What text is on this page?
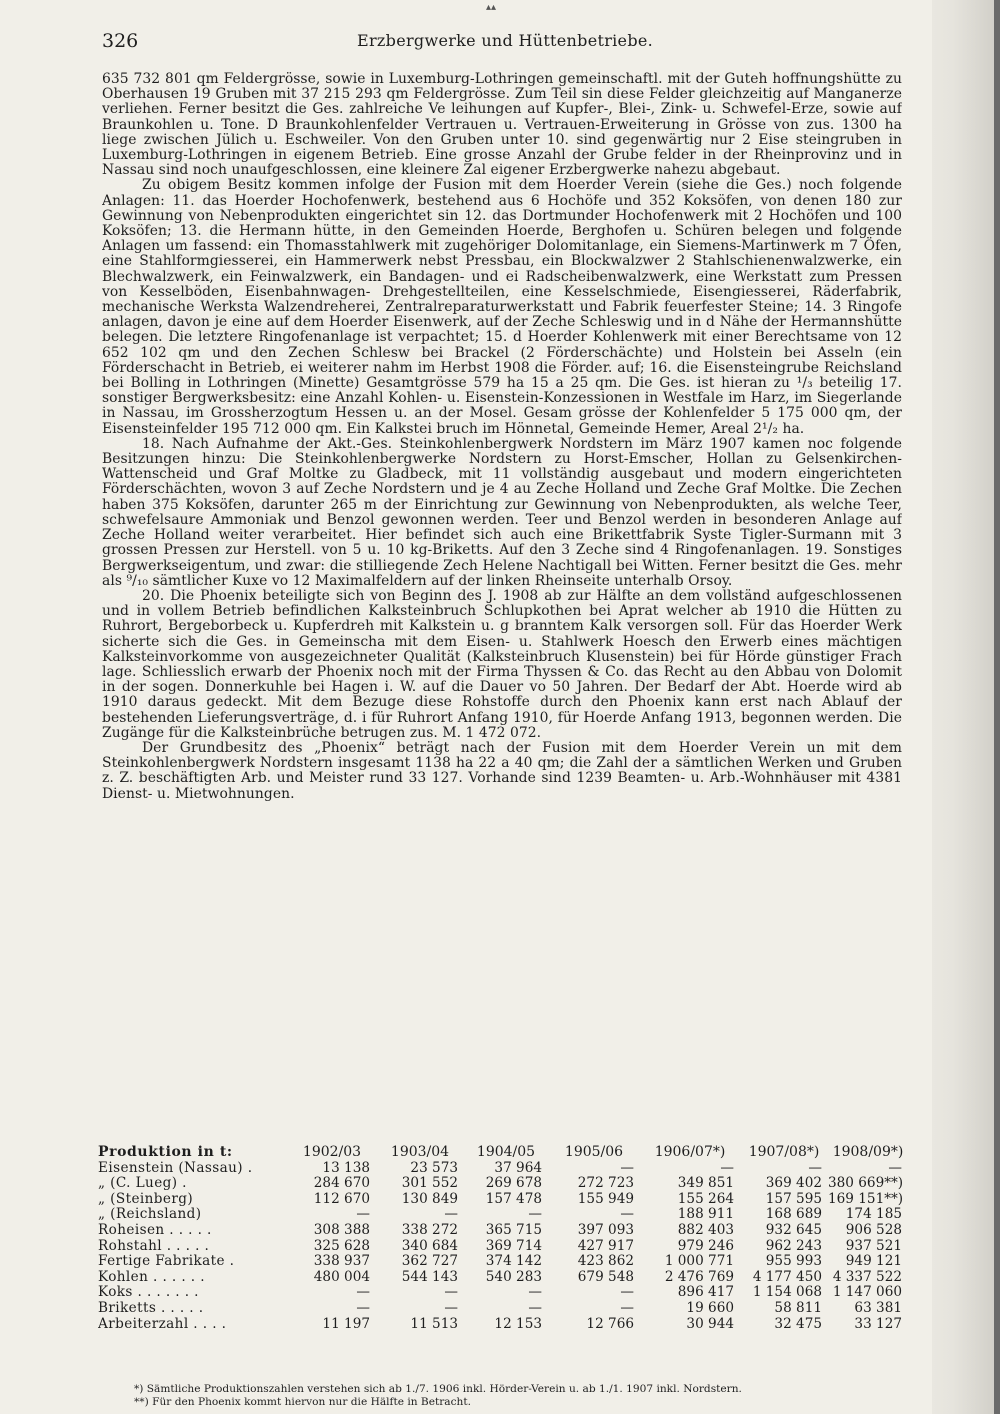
▴▴
326	Erzbergwerke und Hüttenbetriebe.

635 732 801 qm Feldergrösse, sowie in Luxemburg-Lothringen gemeinschaftl. mit der Guteh hoffnungshütte zu Oberhausen 19 Gruben mit 37 215 293 qm Feldergrösse. Zum Teil sin diese Felder gleichzeitig auf Manganerze verliehen. Ferner besitzt die Ges. zahlreiche Ve leihungen auf Kupfer-, Blei-, Zink- u. Schwefel-Erze, sowie auf Braunkohlen u. Tone. D Braunkohlenfelder Vertrauen u. Vertrauen-Erweiterung in Grösse von zus. 1300 ha liege zwischen Jülich u. Eschweiler. Von den Gruben unter 10. sind gegenwärtig nur 2 Eise steingruben in Luxemburg-Lothringen in eigenem Betrieb. Eine grosse Anzahl der Grube felder in der Rheinprovinz und in Nassau sind noch unaufgeschlossen, eine kleinere Zal eigener Erzbergwerke nahezu abgebaut.

Zu obigem Besitz kommen infolge der Fusion mit dem Hoerder Verein (siehe die Ges.) noch folgende Anlagen: 11. das Hoerder Hochofenwerk, bestehend aus 6 Hochöfe und 352 Koksöfen, von denen 180 zur Gewinnung von Nebenprodukten eingerichtet sin 12. das Dortmunder Hochofenwerk mit 2 Hochöfen und 100 Koksöfen; 13. die Hermann hütte, in den Gemeinden Hoerde, Berghofen u. Schüren belegen und folgende Anlagen um fassend: ein Thomasstahlwerk mit zugehöriger Dolomitanlage, ein Siemens-Martinwerk m 7 Öfen, eine Stahlformgiesserei, ein Hammerwerk nebst Pressbau, ein Blockwalzwer 2 Stahlschienenwalzwerke, ein Blechwalzwerk, ein Feinwalzwerk, ein Bandagen- und ei Radscheibenwalzwerk, eine Werkstatt zum Pressen von Kesselböden, Eisenbahnwagen- Drehgestellteilen, eine Kesselschmiede, Eisengiesserei, Räderfabrik, mechanische Werksta Walzendreherei, Zentralreparaturwerkstatt und Fabrik feuerfester Steine; 14. 3 Ringofe anlagen, davon je eine auf dem Hoerder Eisenwerk, auf der Zeche Schleswig und in d Nähe der Hermannshütte belegen. Die letztere Ringofenanlage ist verpachtet; 15. d Hoerder Kohlenwerk mit einer Berechtsame von 12 652 102 qm und den Zechen Schlesw bei Brackel (2 Förderschächte) und Holstein bei Asseln (ein Förderschacht in Betrieb, ei weiterer nahm im Herbst 1908 die Förder. auf; 16. die Eisensteingrube Reichsland bei Bolling in Lothringen (Minette) Gesamtgrösse 579 ha 15 a 25 qm. Die Ges. ist hieran zu ¹/₃ beteilig 17. sonstiger Bergwerksbesitz: eine Anzahl Kohlen- u. Eisenstein-Konzessionen in Westfale im Harz, im Siegerlande in Nassau, im Grossherzogtum Hessen u. an der Mosel. Gesam grösse der Kohlenfelder 5 175 000 qm, der Eisensteinfelder 195 712 000 qm. Ein Kalkstei bruch im Hönnetal, Gemeinde Hemer, Areal 2¹/₂ ha.

18. Nach Aufnahme der Akt.-Ges. Steinkohlenbergwerk Nordstern im März 1907 kamen noc folgende Besitzungen hinzu: Die Steinkohlenbergwerke Nordstern zu Horst-Emscher, Hollan zu Gelsenkirchen-Wattenscheid und Graf Moltke zu Gladbeck, mit 11 vollständig ausgebaut und modern eingerichteten Förderschächten, wovon 3 auf Zeche Nordstern und je 4 au Zeche Holland und Zeche Graf Moltke. Die Zechen haben 375 Koksöfen, darunter 265 m der Einrichtung zur Gewinnung von Nebenprodukten, als welche Teer, schwefelsaure Ammoniak und Benzol gewonnen werden. Teer und Benzol werden in besonderen Anlage auf Zeche Holland weiter verarbeitet. Hier befindet sich auch eine Brikettfabrik Syste Tigler-Surmann mit 3 grossen Pressen zur Herstell. von 5 u. 10 kg-Briketts. Auf den 3 Zeche sind 4 Ringofenanlagen. 19. Sonstiges Bergwerkseigentum, und zwar: die stilliegende Zech Helene Nachtigall bei Witten. Ferner besitzt die Ges. mehr als ⁹/₁₀ sämtlicher Kuxe vo 12 Maximalfeldern auf der linken Rheinseite unterhalb Orsoy.

20. Die Phoenix beteiligte sich von Beginn des J. 1908 ab zur Hälfte an dem vollständ aufgeschlossenen und in vollem Betrieb befindlichen Kalksteinbruch Schlupkothen bei Aprat welcher ab 1910 die Hütten zu Ruhrort, Bergeborbeck u. Kupferdreh mit Kalkstein u. g branntem Kalk versorgen soll. Für das Hoerder Werk sicherte sich die Ges. in Gemeinscha mit dem Eisen- u. Stahlwerk Hoesch den Erwerb eines mächtigen Kalksteinvorkomme von ausgezeichneter Qualität (Kalksteinbruch Klusenstein) bei für Hörde günstiger Frach lage. Schliesslich erwarb der Phoenix noch mit der Firma Thyssen & Co. das Recht au den Abbau von Dolomit in der sogen. Donnerkuhle bei Hagen i. W. auf die Dauer vo 50 Jahren. Der Bedarf der Abt. Hoerde wird ab 1910 daraus gedeckt. Mit dem Bezuge diese Rohstoffe durch den Phoenix kann erst nach Ablauf der bestehenden Lieferungsverträge, d. i für Ruhrort Anfang 1910, für Hoerde Anfang 1913, begonnen werden. Die Zugänge für die Kalksteinbrüche betrugen zus. M. 1 472 072.

Der Grundbesitz des „Phoenix“ beträgt nach der Fusion mit dem Hoerder Verein un mit dem Steinkohlenbergwerk Nordstern insgesamt 1138 ha 22 a 40 qm; die Zahl der a sämtlichen Werken und Gruben z. Z. beschäftigten Arb. und Meister rund 33 127. Vorhande sind 1239 Beamten- u. Arb.-Wohnhäuser mit 4381 Dienst- u. Mietwohnungen.

Produktion in t:	1902/03	1903/04	1904/05	1905/06	1906/07*)	1907/08*)	1908/09*)
Eisenstein (Nassau) .	13 138	23 573	37 964	—	—	—	—
„ (C. Lueg) .	284 670	301 552	269 678	272 723	349 851	369 402	380 669**)
„ (Steinberg)	112 670	130 849	157 478	155 949	155 264	157 595	169 151**)
„ (Reichsland)	—	—	—	—	188 911	168 689	174 185
Roheisen . . . . .	308 388	338 272	365 715	397 093	882 403	932 645	906 528
Rohstahl . . . . .	325 628	340 684	369 714	427 917	979 246	962 243	937 521
Fertige Fabrikate .	338 937	362 727	374 142	423 862	1 000 771	955 993	949 121
Kohlen . . . . . .	480 004	544 143	540 283	679 548	2 476 769	4 177 450	4 337 522
Koks . . . . . . .	—	—	—	—	896 417	1 154 068	1 147 060
Briketts . . . . .	—	—	—	—	19 660	58 811	63 381
Arbeiterzahl . . . .	11 197	11 513	12 153	12 766	30 944	32 475	33 127
*) Sämtliche Produktionszahlen verstehen sich ab 1./7. 1906 inkl. Hörder-Verein u. ab 1./1. 1907 inkl. Nordstern.
**) Für den Phoenix kommt hiervon nur die Hälfte in Betracht.
